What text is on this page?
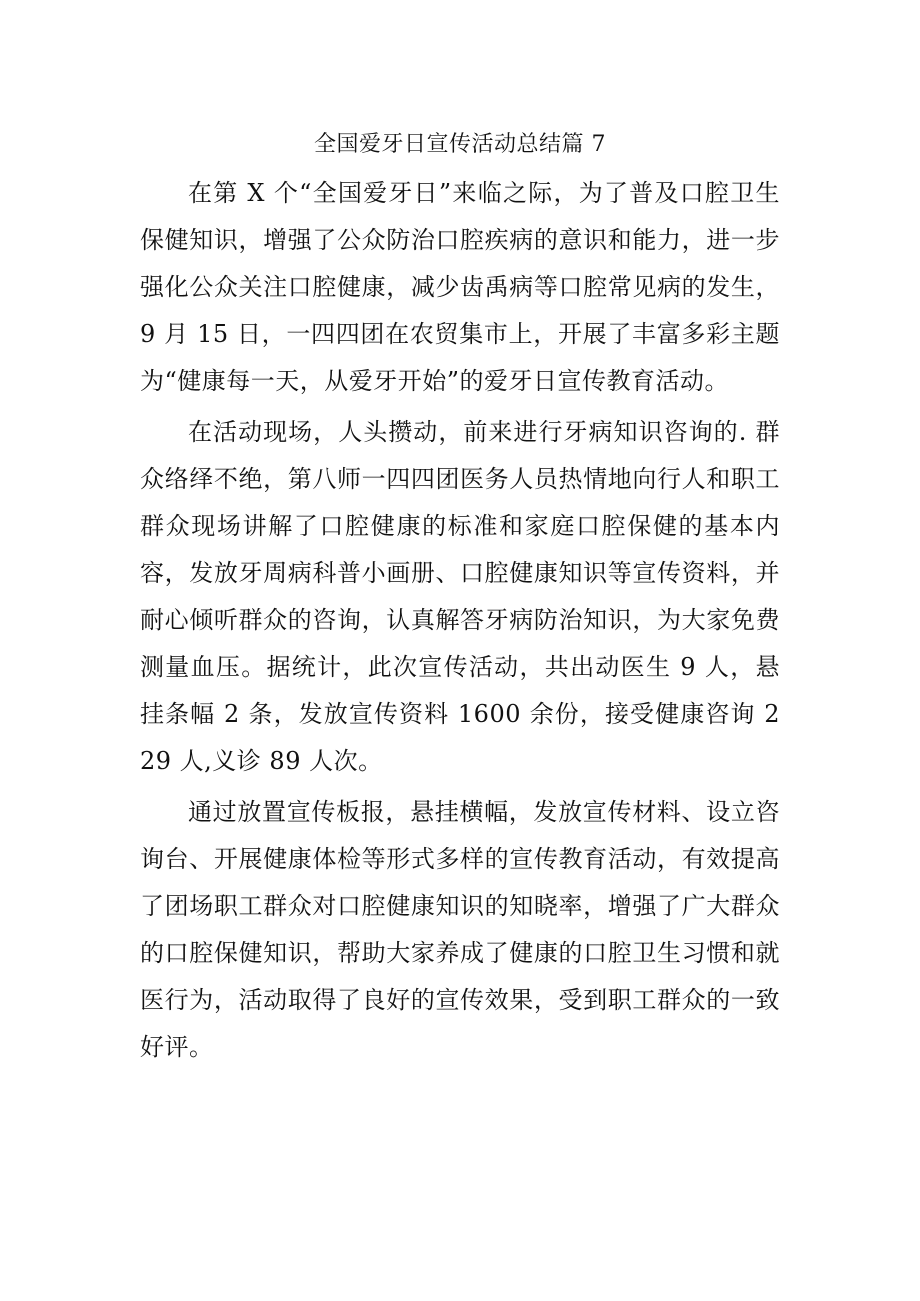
全国爱牙日宣传活动总结篇 7

在第 X 个“全国爱牙日”来临之际，为了普及口腔卫生保健知识，增强了公众防治口腔疾病的意识和能力，进一步强化公众关注口腔健康，减少齿禹病等口腔常见病的发生，9 月 15 日，一四四团在农贸集市上，开展了丰富多彩主题为“健康每一天，从爱牙开始”的爱牙日宣传教育活动。

在活动现场，人头攒动，前来进行牙病知识咨询的. 群众络绎不绝，第八师一四四团医务人员热情地向行人和职工群众现场讲解了口腔健康的标准和家庭口腔保健的基本内容，发放牙周病科普小画册、口腔健康知识等宣传资料，并耐心倾听群众的咨询，认真解答牙病防治知识，为大家免费测量血压。据统计，此次宣传活动，共出动医生 9 人，悬挂条幅 2 条，发放宣传资料 1600 余份，接受健康咨询 229 人,义诊 89 人次。

通过放置宣传板报，悬挂横幅，发放宣传材料、设立咨询台、开展健康体检等形式多样的宣传教育活动，有效提高了团场职工群众对口腔健康知识的知晓率，增强了广大群众的口腔保健知识，帮助大家养成了健康的口腔卫生习惯和就医行为，活动取得了良好的宣传效果，受到职工群众的一致好评。
